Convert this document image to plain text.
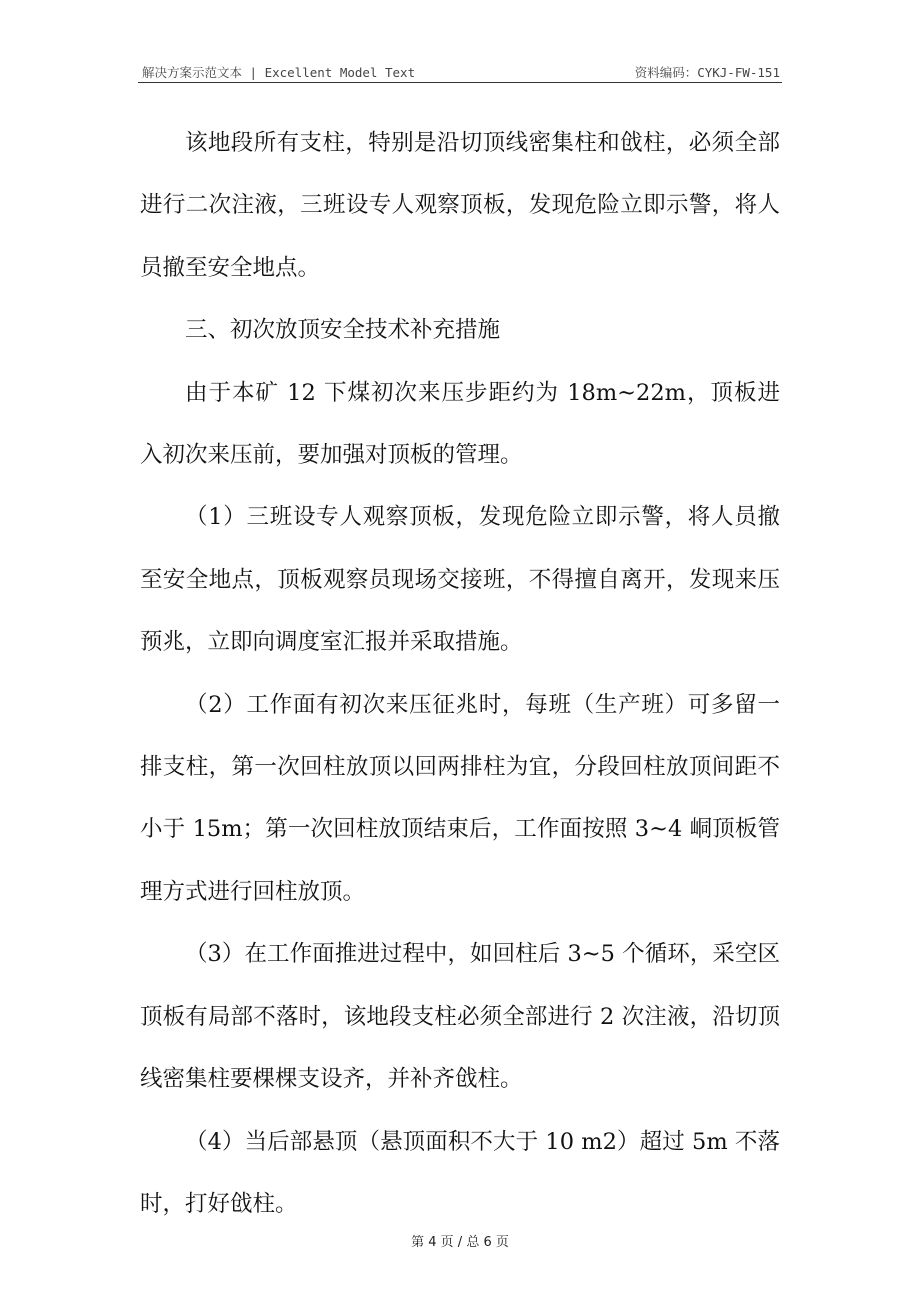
解决方案示范文本 | Excellent Model Text	资料编码：CYKJ-FW-151

该地段所有支柱，特别是沿切顶线密集柱和戗柱，必须全部进行二次注液，三班设专人观察顶板，发现危险立即示警，将人员撤至安全地点。

三、初次放顶安全技术补充措施

由于本矿 12 下煤初次来压步距约为 18m~22m，顶板进入初次来压前，要加强对顶板的管理。

（1）三班设专人观察顶板，发现危险立即示警，将人员撤至安全地点，顶板观察员现场交接班，不得擅自离开，发现来压预兆，立即向调度室汇报并采取措施。

（2）工作面有初次来压征兆时，每班（生产班）可多留一排支柱，第一次回柱放顶以回两排柱为宜，分段回柱放顶间距不小于 15m；第一次回柱放顶结束后，工作面按照 3~4 峒顶板管理方式进行回柱放顶。

（3）在工作面推进过程中，如回柱后 3~5 个循环，采空区顶板有局部不落时，该地段支柱必须全部进行 2 次注液，沿切顶线密集柱要棵棵支设齐，并补齐戗柱。

（4）当后部悬顶（悬顶面积不大于 10 m2）超过 5m 不落时，打好戗柱。

第 4 页 / 总 6 页
